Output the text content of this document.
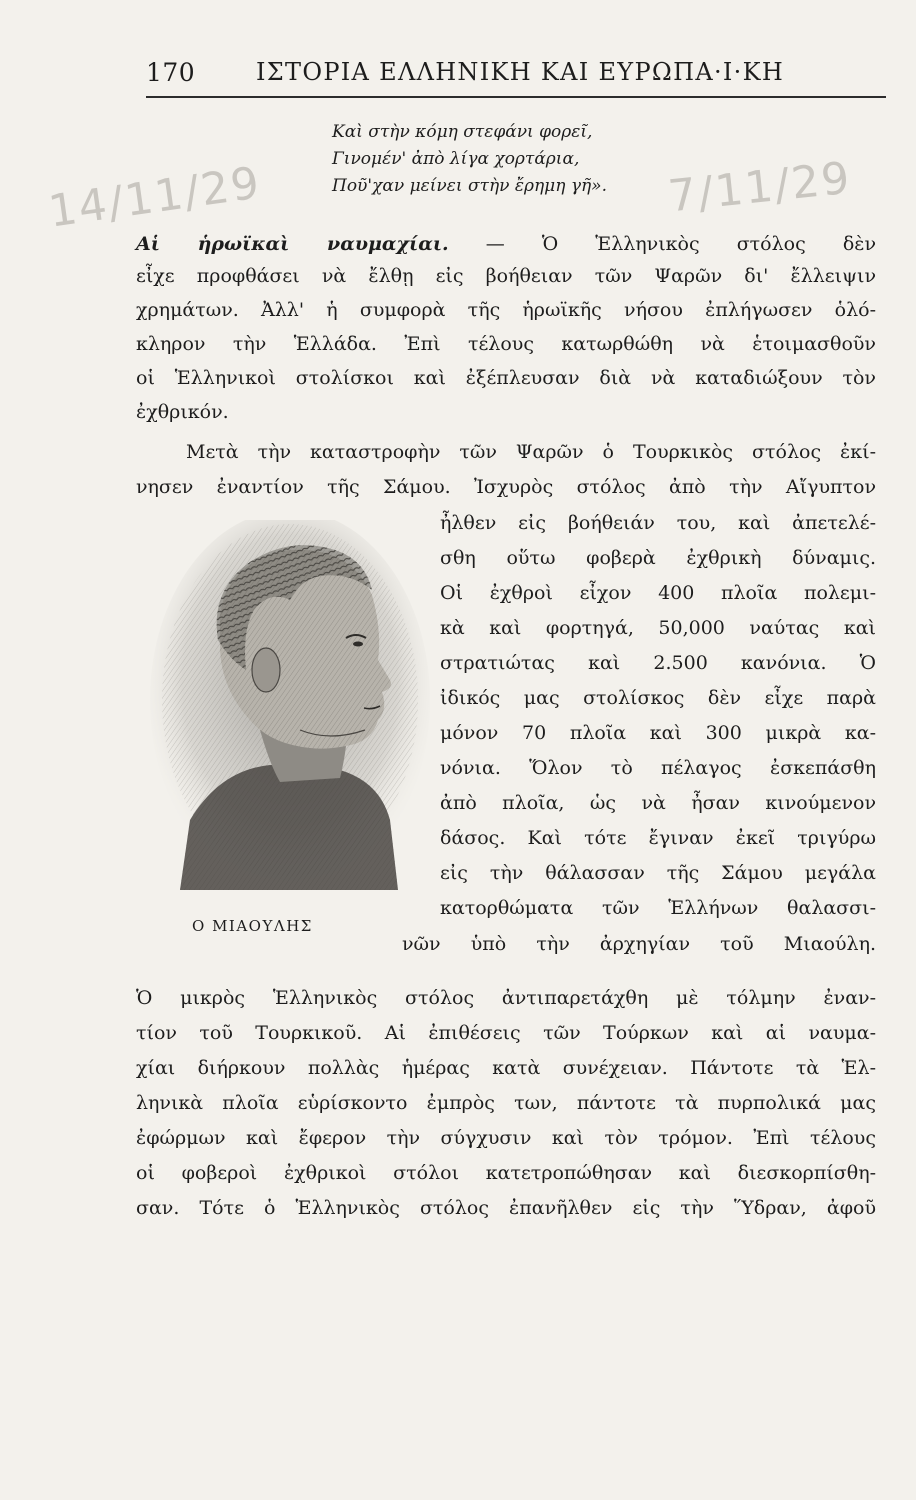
170	ΙΣΤΟΡΙΑ ΕΛΛΗΝΙΚΗ ΚΑΙ ΕΥΡΩΠΑ·Ι·ΚΗ
Καὶ στὴν κόμη στεφάνι φορεῖ,
Γινομέν' ἀπὸ λίγα χορτάρια,
Ποῦ'χαν μείνει στὴν ἔρημη γῆ».
14/11/29	7/11/29
Αἱ ἡρωϊκαὶ ναυμαχίαι. — Ὁ Ἑλληνικὸς στόλος δὲν
εἶχε προφθάσει νὰ ἔλθῃ εἰς βοήθειαν τῶν Ψαρῶν δι' ἔλλειψιν
χρημάτων. Ἀλλ' ἡ συμφορὰ τῆς ἡρωϊκῆς νήσου ἐπλήγωσεν ὁλό-
κληρον τὴν Ἑλλάδα. Ἐπὶ τέλους κατωρθώθη νὰ ἑτοιμασθοῦν
οἱ Ἑλληνικοὶ στολίσκοι καὶ ἐξέπλευσαν διὰ νὰ καταδιώξουν τὸν
ἐχθρικόν.
Μετὰ τὴν καταστροφὴν τῶν Ψαρῶν ὁ Τουρκικὸς στόλος ἐκί-
νησεν ἐναντίον τῆς Σάμου. Ἰσχυρὸς στόλος ἀπὸ τὴν Αἴγυπτον
ἦλθεν εἰς βοήθειάν του, καὶ ἀπετελέ-
σθη οὕτω φοβερὰ ἐχθρικὴ δύναμις.
Οἱ ἐχθροὶ εἶχον 400 πλοῖα πολεμι-
κὰ καὶ φορτηγά, 50,000 ναύτας καὶ
στρατιώτας καὶ 2.500 κανόνια. Ὁ
ἰδικός μας στολίσκος δὲν εἶχε παρὰ
μόνον 70 πλοῖα καὶ 300 μικρὰ κα-
νόνια. Ὅλον τὸ πέλαγος ἐσκεπάσθη
ἀπὸ πλοῖα, ὡς νὰ ἦσαν κινούμενον
δάσος. Καὶ τότε ἔγιναν ἐκεῖ τριγύρω
εἰς τὴν θάλασσαν τῆς Σάμου μεγάλα
κατορθώματα τῶν Ἑλλήνων θαλασσι-
νῶν ὑπὸ τὴν ἀρχηγίαν τοῦ Μιαούλη.
Ο ΜΙΑΟΥΛΗΣ
Ὁ μικρὸς Ἑλληνικὸς στόλος ἀντιπαρετάχθη μὲ τόλμην ἐναν-
τίον τοῦ Τουρκικοῦ. Αἱ ἐπιθέσεις τῶν Τούρκων καὶ αἱ ναυμα-
χίαι διήρκουν πολλὰς ἡμέρας κατὰ συνέχειαν. Πάντοτε τὰ Ἑλ-
ληνικὰ πλοῖα εὑρίσκοντο ἐμπρὸς των, πάντοτε τὰ πυρπολικά μας
ἐφώρμων καὶ ἔφερον τὴν σύγχυσιν καὶ τὸν τρόμον. Ἐπὶ τέλους
οἱ φοβεροὶ ἐχθρικοὶ στόλοι κατετροπώθησαν καὶ διεσκορπίσθη-
σαν. Τότε ὁ Ἑλληνικὸς στόλος ἐπανῆλθεν εἰς τὴν Ὕδραν, ἀφοῦ
